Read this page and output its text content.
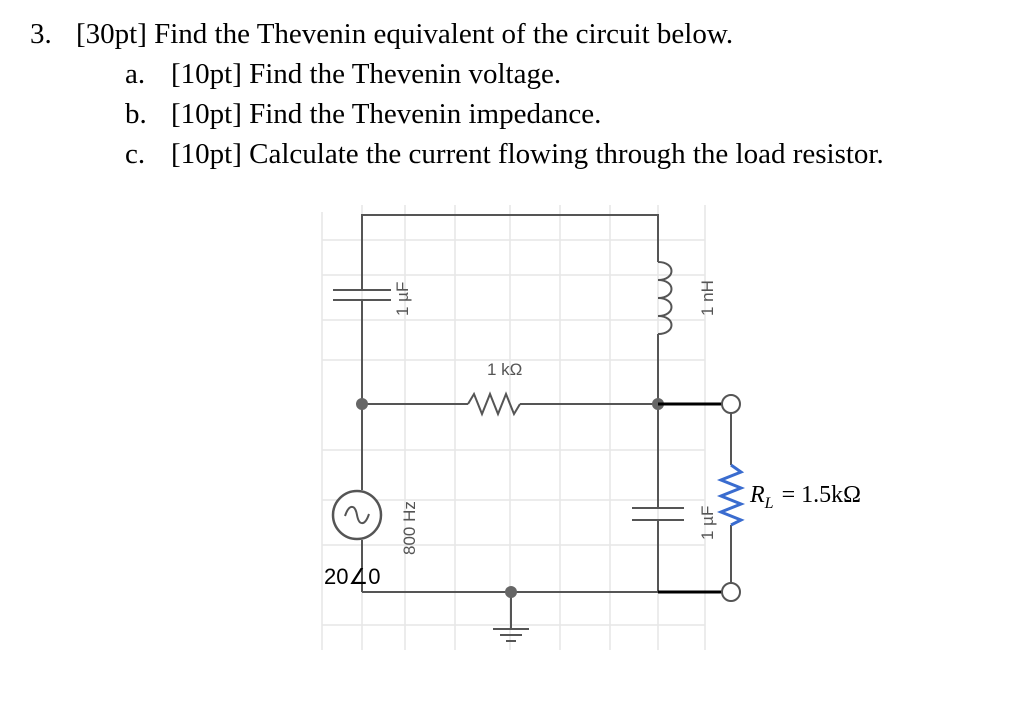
3. [30pt] Find the Thevenin equivalent of the circuit below.
a. [10pt] Find the Thevenin voltage.
b. [10pt] Find the Thevenin impedance.
c. [10pt] Calculate the current flowing through the load resistor.
1 µF	1 nH
1 kΩ
800 Hz
20∠0
1 µF
$R_L = 1.5k\Omega$
